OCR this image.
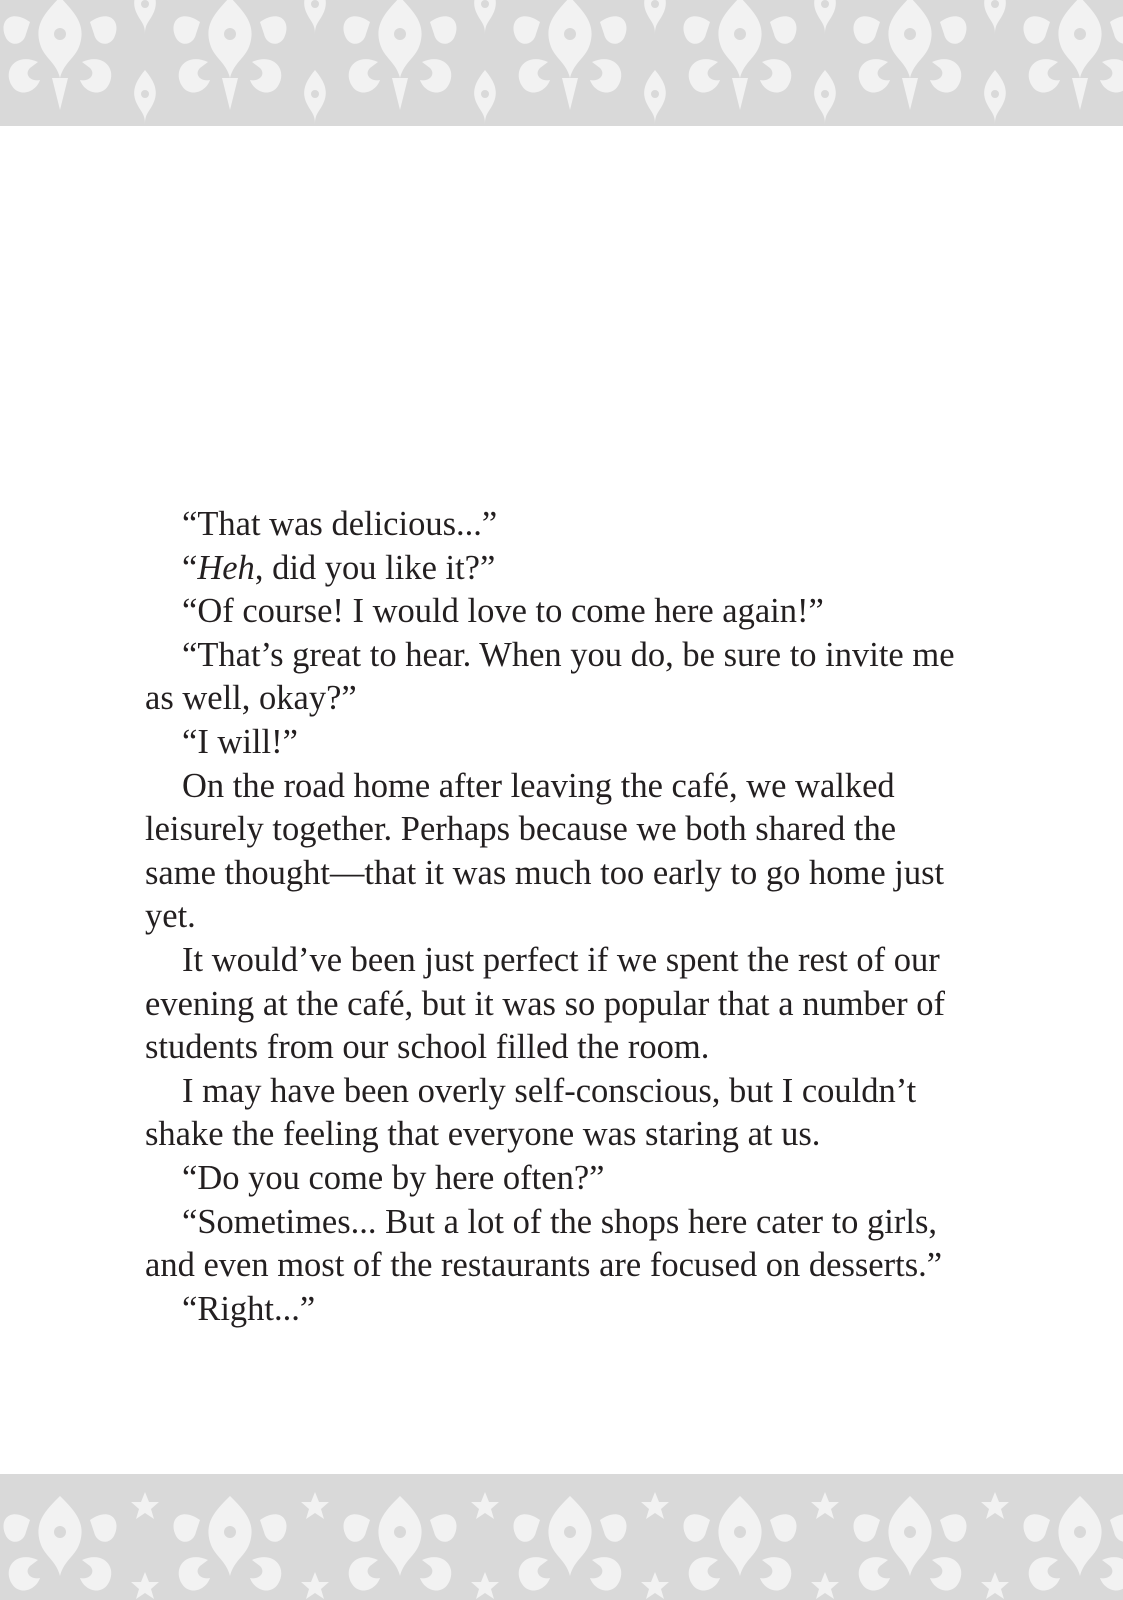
“That was delicious...”

“Heh, did you like it?”

“Of course! I would love to come here again!”

“That’s great to hear. When you do, be sure to invite me as well, okay?”

“I will!”

On the road home after leaving the café, we walked leisurely together. Perhaps because we both shared the same thought—that it was much too early to go home just yet.

It would’ve been just perfect if we spent the rest of our evening at the café, but it was so popular that a number of students from our school filled the room.

I may have been overly self-conscious, but I couldn’t shake the feeling that everyone was staring at us.

“Do you come by here often?”

“Sometimes... But a lot of the shops here cater to girls, and even most of the restaurants are focused on desserts.”

“Right...”
